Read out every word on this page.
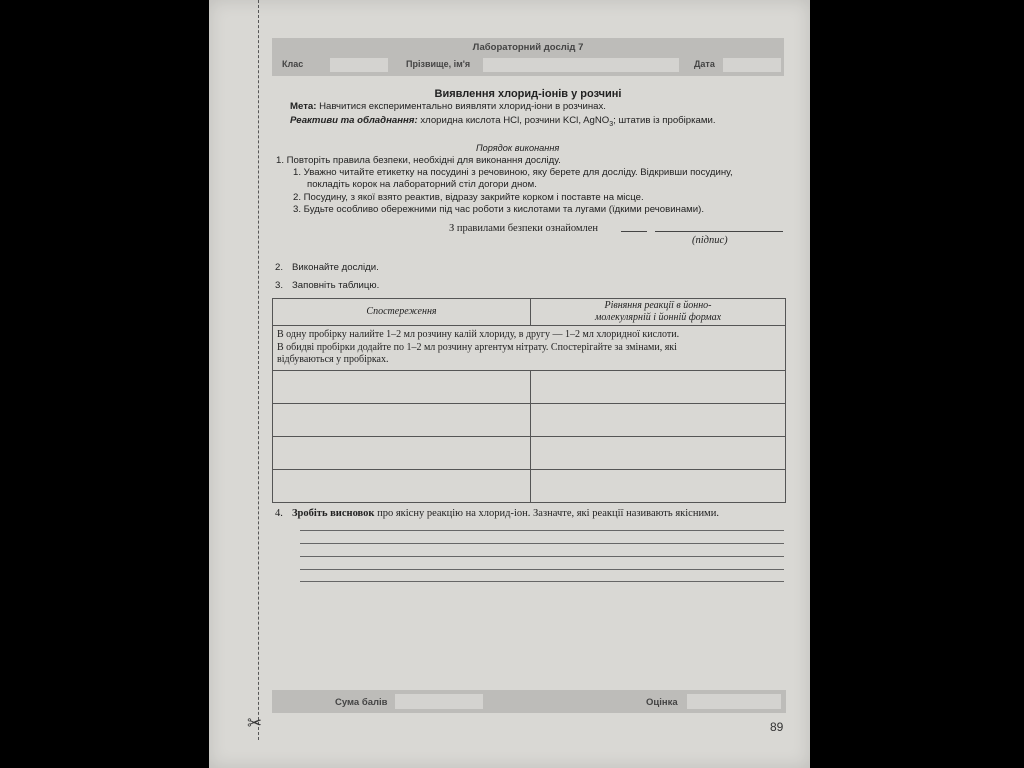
✂
Лабораторний дослід 7
Клас	Прізвище, ім'я	Дата
Виявлення хлорид-іонів у розчині
Мета: Навчитися експериментально виявляти хлорид-іони в розчинах.
Реактиви та обладнання: хлоридна кислота HCl, розчини KCl, AgNO$_3$; штатив із пробірками.
Порядок виконання
1. Повторіть правила безпеки, необхідні для виконання досліду.
1. Уважно читайте етикетку на посудині з речовиною, яку берете для досліду. Відкривши посудину,
покладіть корок на лабораторний стіл догори дном.
2. Посудину, з якої взято реактив, відразу закрийте корком і поставте на місце.
3. Будьте особливо обережними під час роботи з кислотами та лугами (їдкими речовинами).
З правилами безпеки ознайомлен
(підпис)
2. Виконайте досліди.
3. Заповніть таблицю.
Спостереження	Рівняння реакції в йонно-
молекулярній і йонній формах
В одну пробірку налийте 1–2 мл розчину калій хлориду, в другу — 1–2 мл хлоридної кислоти.
В обидві пробірки додайте по 1–2 мл розчину аргентум нітрату. Спостерігайте за змінами, які
відбуваються у пробірках.	

4. Зробіть висновок про якісну реакцію на хлорид-іон. Зазначте, які реакції називають якісними.
Сума балів	Оцінка
89
